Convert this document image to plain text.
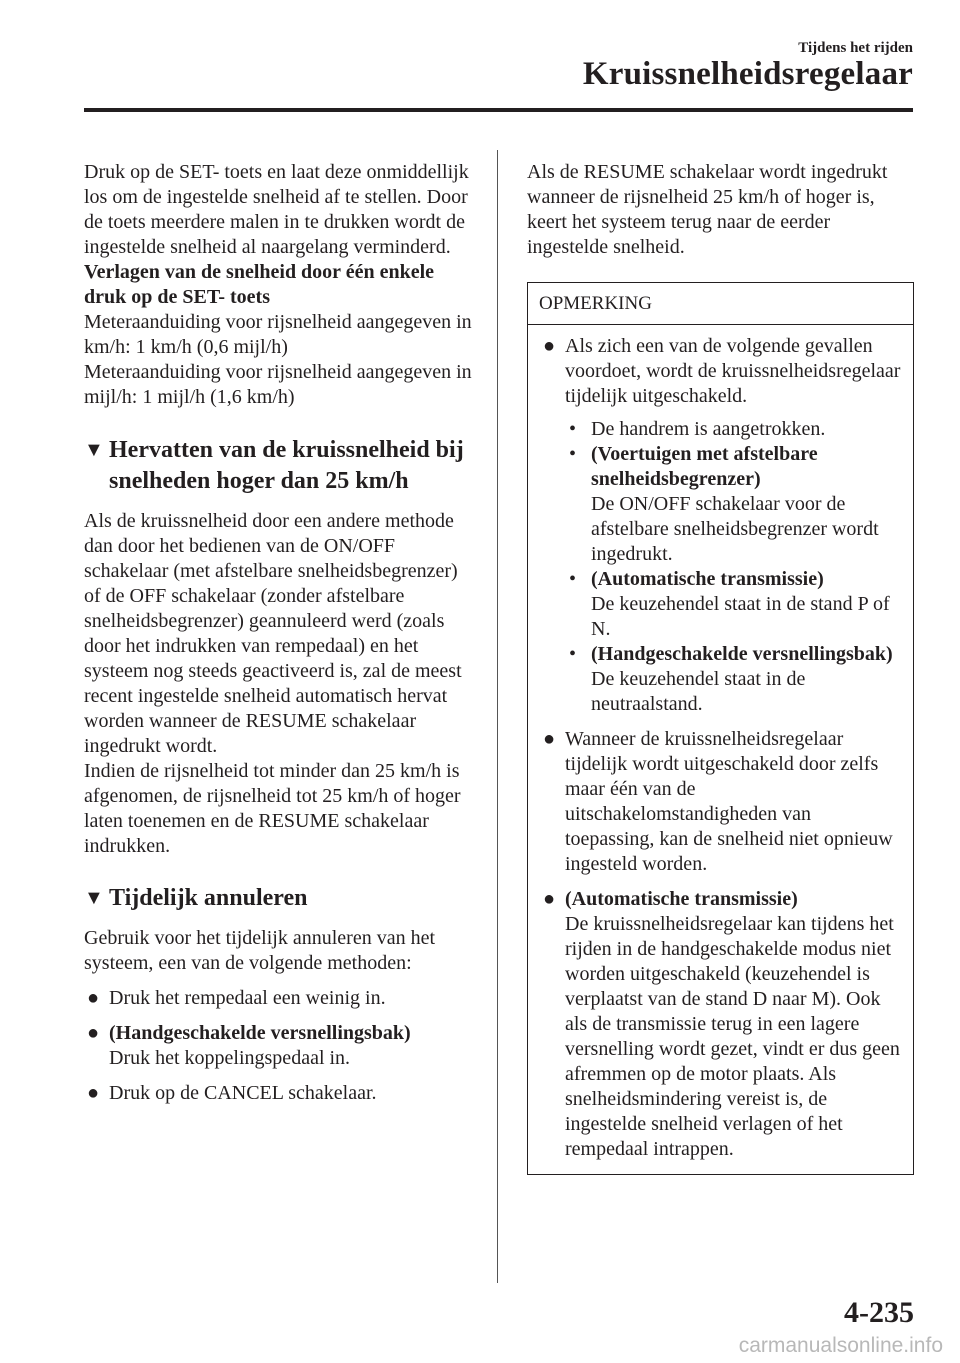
Tijdens het rijden
Kruissnelheidsregelaar

Druk op de SET- toets en laat deze onmiddellijk los om de ingestelde snelheid af te stellen. Door de toets meerdere malen in te drukken wordt de ingestelde snelheid al naargelang verminderd.

Verlagen van de snelheid door één enkele druk op de SET- toets

Meteraanduiding voor rijsnelheid aangegeven in km/h: 1 km/h (0,6 mijl/h)

Meteraanduiding voor rijsnelheid aangegeven in mijl/h: 1 mijl/h (1,6 km/h)

▼ Hervatten van de kruissnelheid bij snelheden hoger dan 25 km/h

Als de kruissnelheid door een andere methode dan door het bedienen van de ON/OFF schakelaar (met afstelbare snelheidsbegrenzer) of de OFF schakelaar (zonder afstelbare snelheidsbegrenzer) geannuleerd werd (zoals door het indrukken van rempedaal) en het systeem nog steeds geactiveerd is, zal de meest recent ingestelde snelheid automatisch hervat worden wanneer de RESUME schakelaar ingedrukt wordt.

Indien de rijsnelheid tot minder dan 25 km/h is afgenomen, de rijsnelheid tot 25 km/h of hoger laten toenemen en de RESUME schakelaar indrukken.

▼ Tijdelijk annuleren

Gebruik voor het tijdelijk annuleren van het systeem, een van de volgende methoden:

● Druk het rempedaal een weinig in.
● (Handgeschakelde versnellingsbak)
Druk het koppelingspedaal in.
● Druk op de CANCEL schakelaar.

Als de RESUME schakelaar wordt ingedrukt wanneer de rijsnelheid 25 km/h of hoger is, keert het systeem terug naar de eerder ingestelde snelheid.

OPMERKING
● Als zich een van de volgende gevallen voordoet, wordt de kruissnelheidsregelaar tijdelijk uitgeschakeld.
• De handrem is aangetrokken.
• (Voertuigen met afstelbare snelheidsbegrenzer)
De ON/OFF schakelaar voor de afstelbare snelheidsbegrenzer wordt ingedrukt.
• (Automatische transmissie)
De keuzehendel staat in de stand P of N.
• (Handgeschakelde versnellingsbak)
De keuzehendel staat in de neutraalstand.
● Wanneer de kruissnelheidsregelaar tijdelijk wordt uitgeschakeld door zelfs maar één van de uitschakelomstandigheden van toepassing, kan de snelheid niet opnieuw ingesteld worden.
● (Automatische transmissie)
De kruissnelheidsregelaar kan tijdens het rijden in de handgeschakelde modus niet worden uitgeschakeld (keuzehendel is verplaatst van de stand D naar M). Ook als de transmissie terug in een lagere versnelling wordt gezet, vindt er dus geen afremmen op de motor plaats. Als snelheidsmindering vereist is, de ingestelde snelheid verlagen of het rempedaal intrappen.
4-235
carmanualsonline.info
